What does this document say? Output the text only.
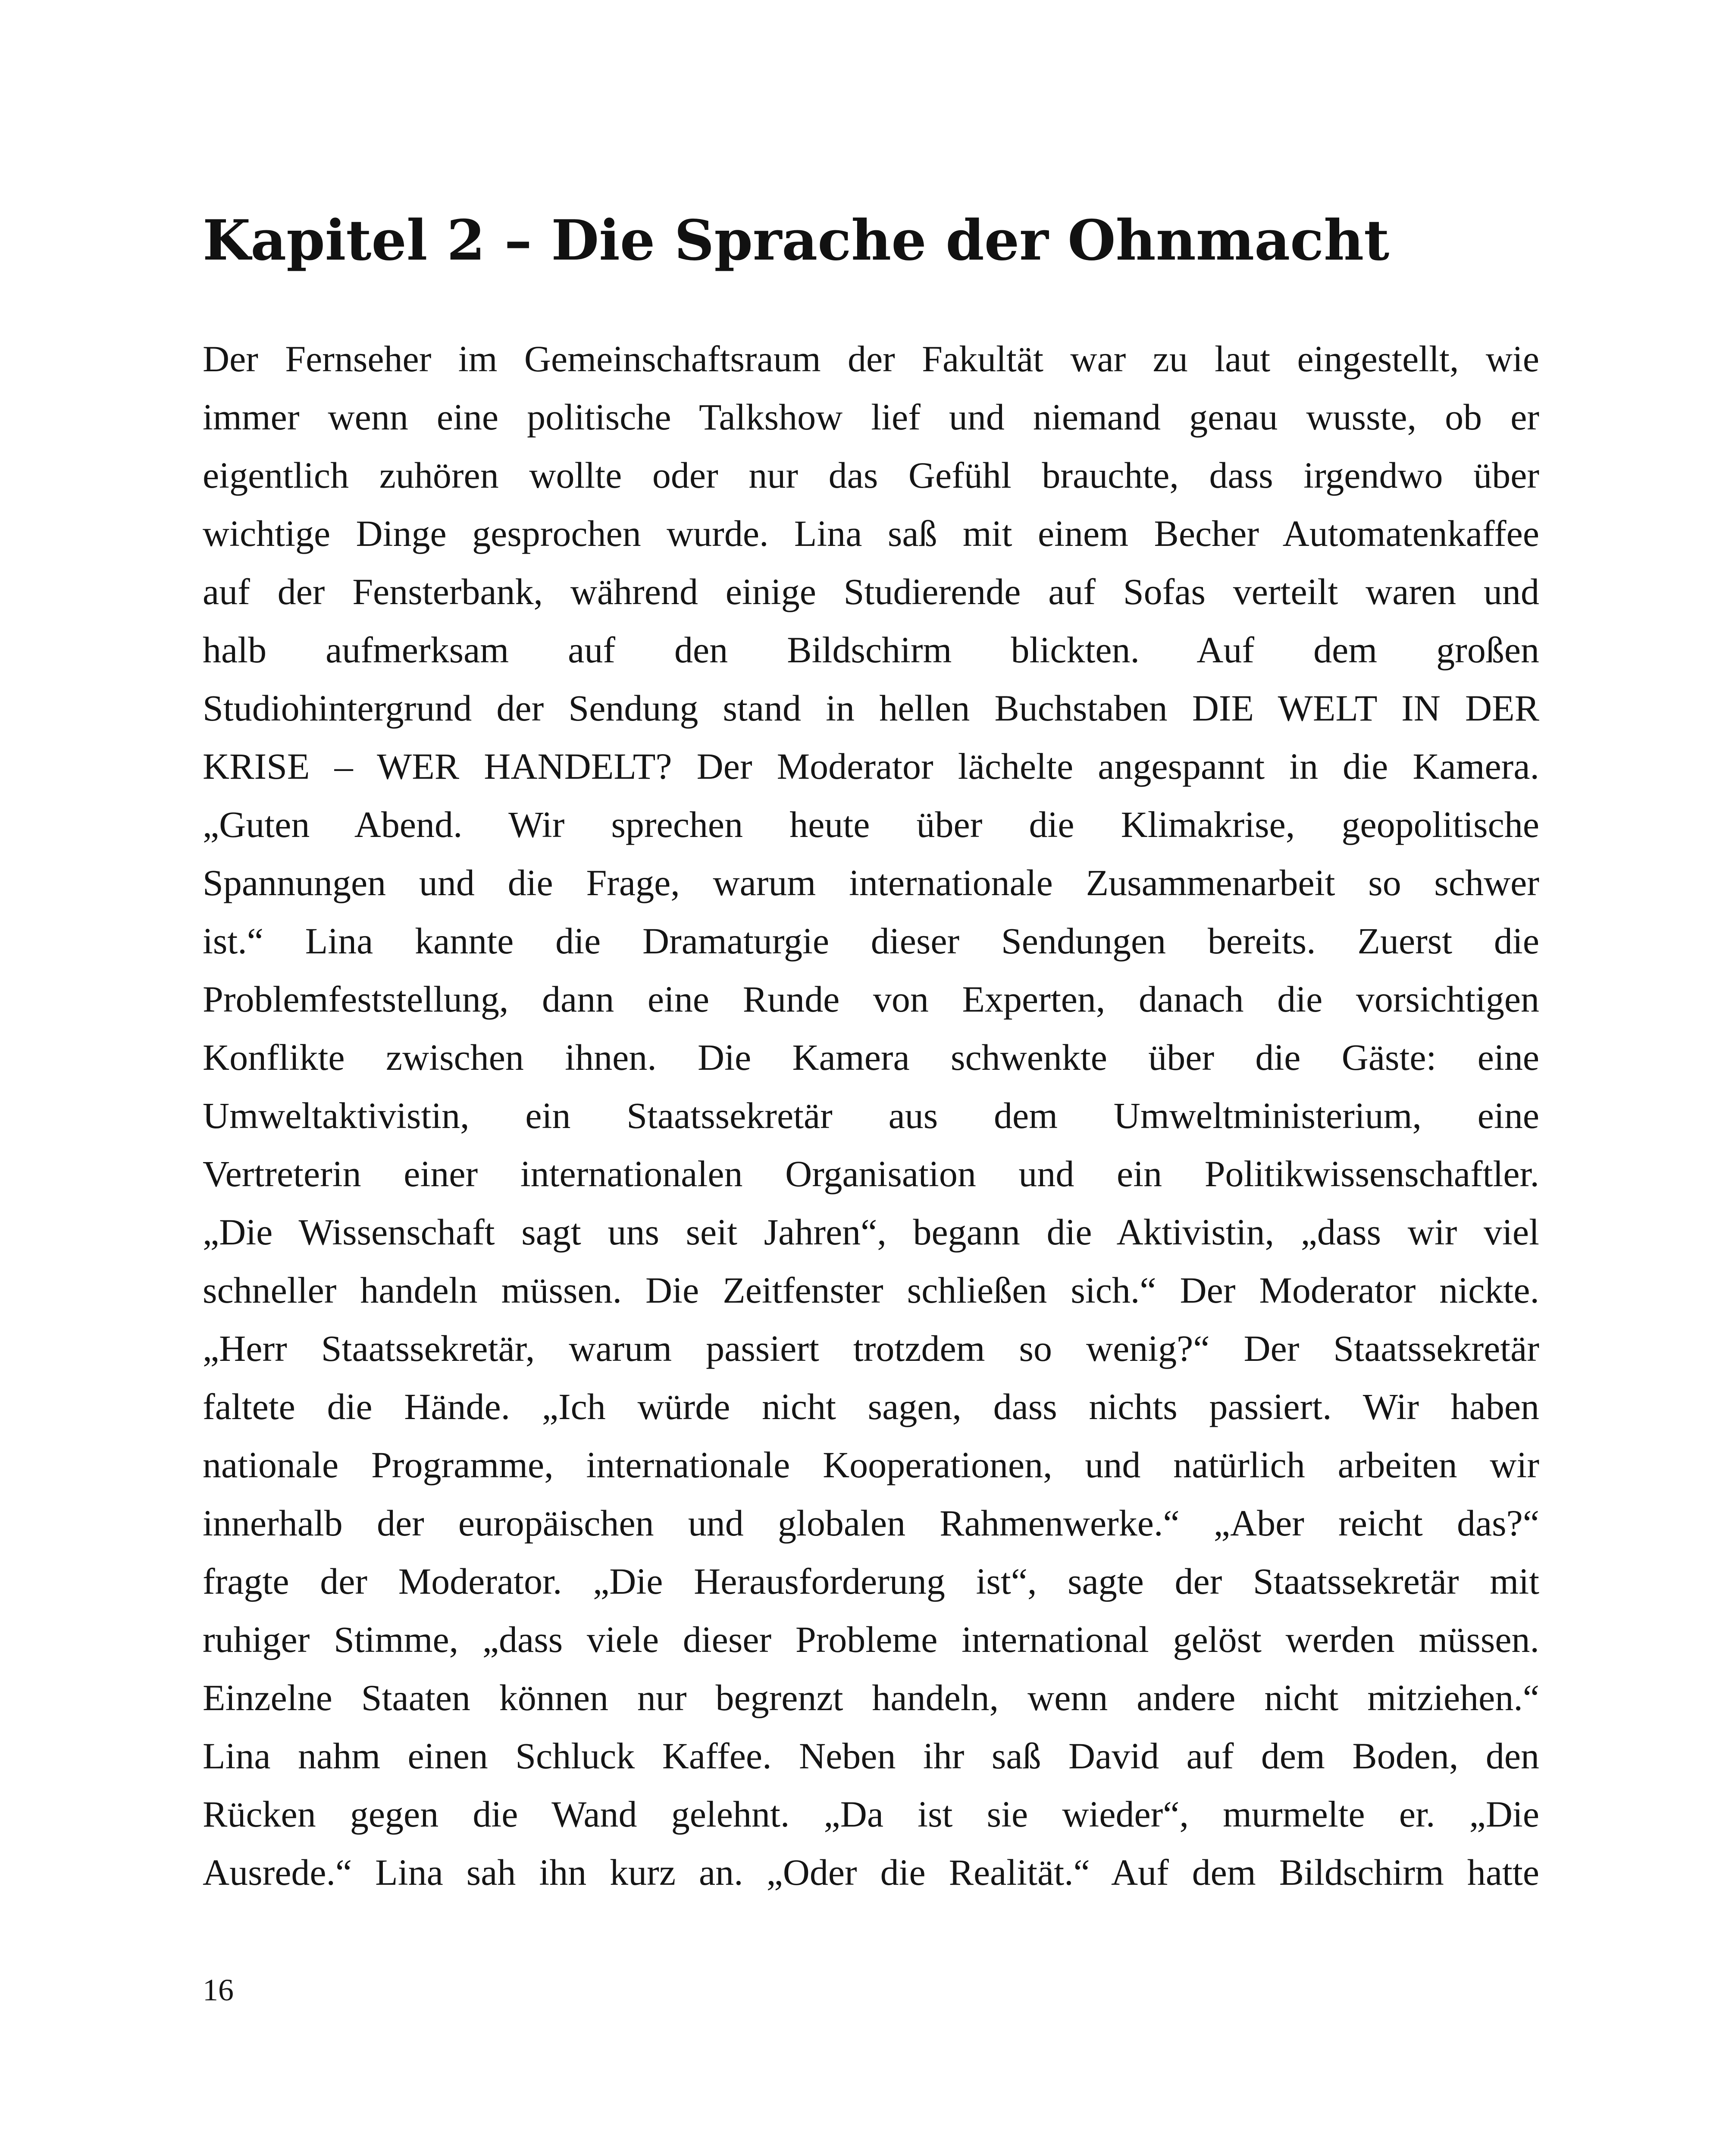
Kapitel 2 – Die Sprache der Ohnmacht
Der Fernseher im Gemeinschaftsraum der Fakultät war zu laut eingestellt, wie
immer wenn eine politische Talkshow lief und niemand genau wusste, ob er
eigentlich zuhören wollte oder nur das Gefühl brauchte, dass irgendwo über
wichtige Dinge gesprochen wurde. Lina saß mit einem Becher Automatenkaffee
auf der Fensterbank, während einige Studierende auf Sofas verteilt waren und
halb aufmerksam auf den Bildschirm blickten. Auf dem großen
Studiohintergrund der Sendung stand in hellen Buchstaben DIE WELT IN DER
KRISE – WER HANDELT? Der Moderator lächelte angespannt in die Kamera.
„Guten Abend. Wir sprechen heute über die Klimakrise, geopolitische
Spannungen und die Frage, warum internationale Zusammenarbeit so schwer
ist.“ Lina kannte die Dramaturgie dieser Sendungen bereits. Zuerst die
Problemfeststellung, dann eine Runde von Experten, danach die vorsichtigen
Konflikte zwischen ihnen. Die Kamera schwenkte über die Gäste: eine
Umweltaktivistin, ein Staatssekretär aus dem Umweltministerium, eine
Vertreterin einer internationalen Organisation und ein Politikwissenschaftler.
„Die Wissenschaft sagt uns seit Jahren“, begann die Aktivistin, „dass wir viel
schneller handeln müssen. Die Zeitfenster schließen sich.“ Der Moderator nickte.
„Herr Staatssekretär, warum passiert trotzdem so wenig?“ Der Staatssekretär
faltete die Hände. „Ich würde nicht sagen, dass nichts passiert. Wir haben
nationale Programme, internationale Kooperationen, und natürlich arbeiten wir
innerhalb der europäischen und globalen Rahmenwerke.“ „Aber reicht das?“
fragte der Moderator. „Die Herausforderung ist“, sagte der Staatssekretär mit
ruhiger Stimme, „dass viele dieser Probleme international gelöst werden müssen.
Einzelne Staaten können nur begrenzt handeln, wenn andere nicht mitziehen.“
Lina nahm einen Schluck Kaffee. Neben ihr saß David auf dem Boden, den
Rücken gegen die Wand gelehnt. „Da ist sie wieder“, murmelte er. „Die
Ausrede.“ Lina sah ihn kurz an. „Oder die Realität.“ Auf dem Bildschirm hatte
16
